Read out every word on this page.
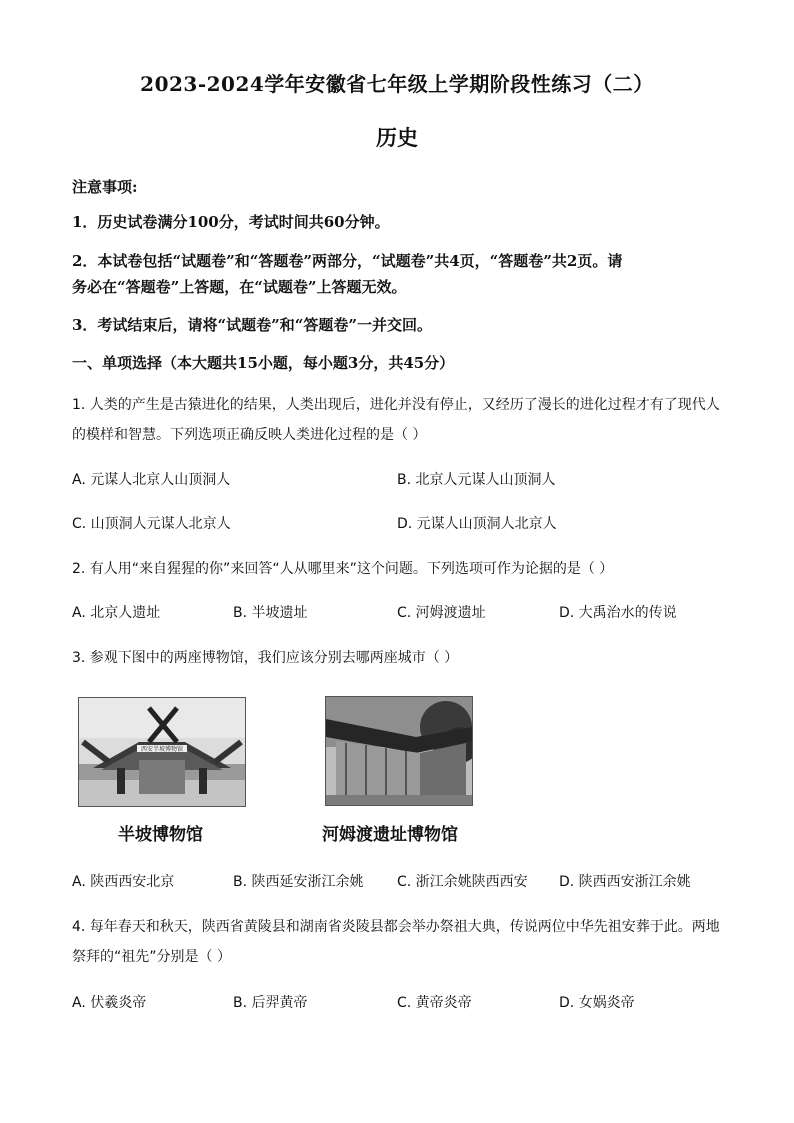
2023-2024学年安徽省七年级上学期阶段性练习（二）
历史
注意事项:
1．历史试卷满分100分，考试时间共60分钟。
2．本试卷包括“试题卷”和“答题卷”两部分，“试题卷”共4页，“答题卷”共2页。请
务必在“答题卷”上答题，在“试题卷”上答题无效。
3．考试结束后，请将“试题卷”和“答题卷”一并交回。
一、单项选择（本大题共15小题，每小题3分，共45分）
1. 人类的产生是古猿进化的结果，人类出现后，进化并没有停止，又经历了漫长的进化过程才有了现代人
的模样和智慧。下列选项正确反映人类进化过程的是（ ）
A. 元谋人北京人山顶洞人	B. 北京人元谋人山顶洞人
C. 山顶洞人元谋人北京人	D. 元谋人山顶洞人北京人
2. 有人用“来自猩猩的你”来回答“人从哪里来”这个问题。下列选项可作为论据的是（ ）
A. 北京人遗址	B. 半坡遗址	C. 河姆渡遗址	D. 大禹治水的传说
3. 参观下图中的两座博物馆，我们应该分别去哪两座城市（ ）
西安半坡博物馆
半坡博物馆	河姆渡遗址博物馆
A. 陕西西安北京	B. 陕西延安浙江余姚 C. 浙江余姚陕西西安 D. 陕西西安浙江余姚
4. 每年春天和秋天，陕西省黄陵县和湖南省炎陵县都会举办祭祖大典，传说两位中华先祖安葬于此。两地
祭拜的“祖先”分别是（ ）
A. 伏羲炎帝	B. 后羿黄帝	C. 黄帝炎帝	D. 女娲炎帝
